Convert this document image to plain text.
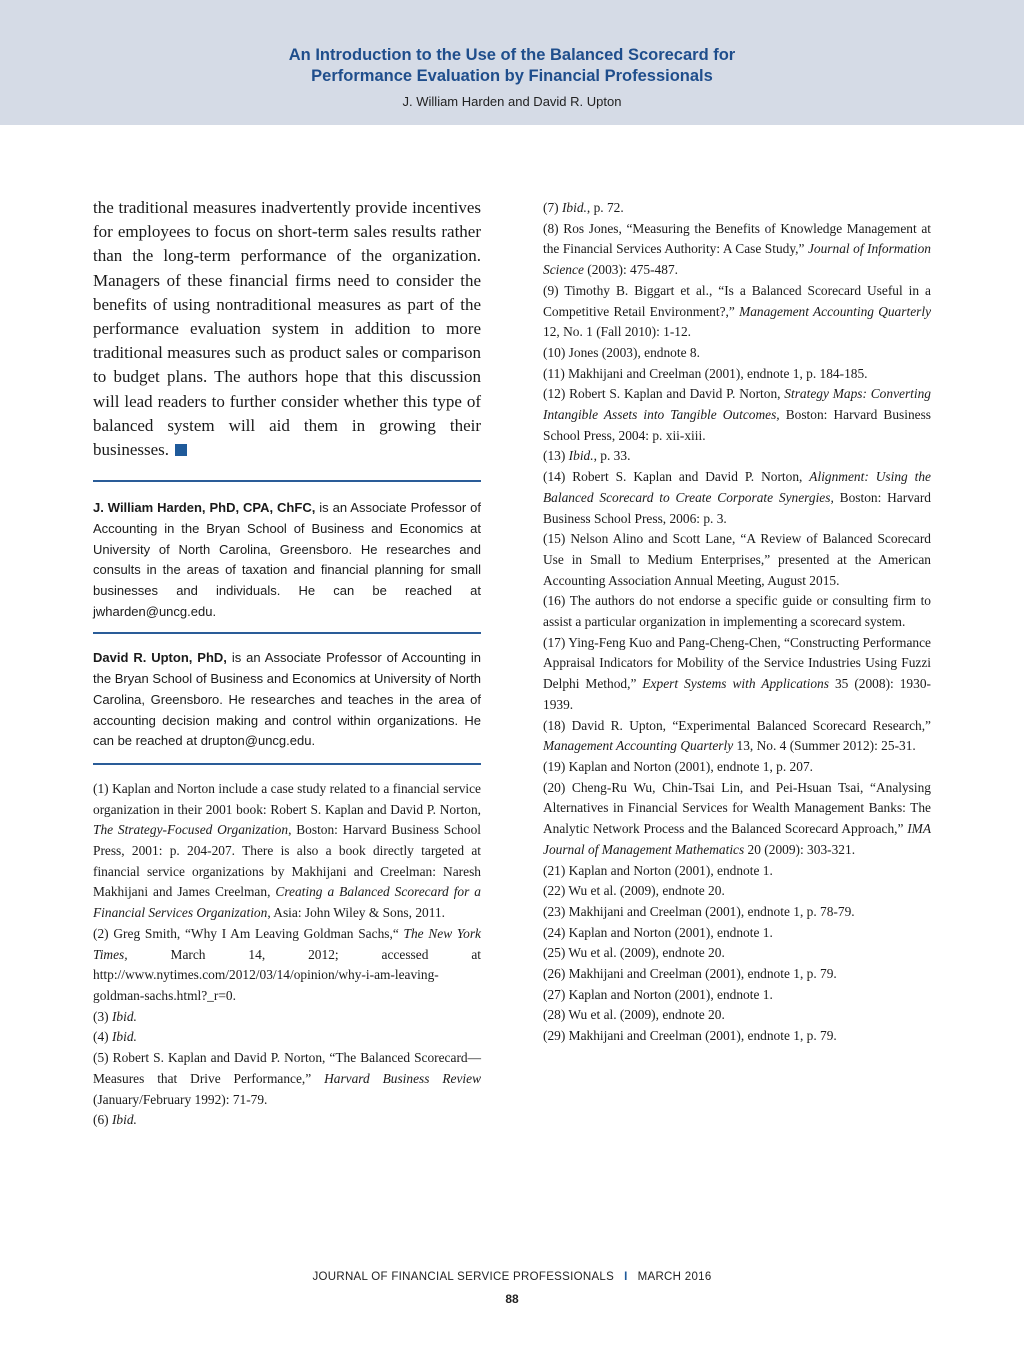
An Introduction to the Use of the Balanced Scorecard for
Performance Evaluation by Financial Professionals
J. William Harden and David R. Upton

the traditional measures inadvertently provide incentives for employees to focus on short-term sales results rather than the long-term performance of the organization. Managers of these financial firms need to consider the benefits of using nontraditional measures as part of the performance evaluation system in addition to more traditional measures such as product sales or comparison to budget plans. The authors hope that this discussion will lead readers to further consider whether this type of balanced system will aid them in growing their businesses.

J. William Harden, PhD, CPA, ChFC, is an Associate Professor of Accounting in the Bryan School of Business and Economics at University of North Carolina, Greensboro. He researches and consults in the areas of taxation and financial planning for small businesses and individuals. He can be reached at jwharden@uncg.edu.

David R. Upton, PhD, is an Associate Professor of Accounting in the Bryan School of Business and Economics at University of North Carolina, Greensboro. He researches and teaches in the area of accounting decision making and control within organizations. He can be reached at drupton@uncg.edu.

(1) Kaplan and Norton include a case study related to a financial service organization in their 2001 book: Robert S. Kaplan and David P. Norton, The Strategy-Focused Organization, Boston: Harvard Business School Press, 2001: p. 204-207. There is also a book directly targeted at financial service organizations by Makhijani and Creelman: Naresh Makhijani and James Creelman, Creating a Balanced Scorecard for a Financial Services Organization, Asia: John Wiley & Sons, 2011.

(2) Greg Smith, “Why I Am Leaving Goldman Sachs,“ The New York Times, March 14, 2012; accessed at http://www.nytimes.com/2012/03/14/opinion/why-i-am-leaving-goldman-sachs.html?_r=0.

(3) Ibid.

(4) Ibid.

(5) Robert S. Kaplan and David P. Norton, “The Balanced Scorecard—Measures that Drive Performance,” Harvard Business Review (January/February 1992): 71-79.

(6) Ibid.

(7) Ibid., p. 72.

(8) Ros Jones, “Measuring the Benefits of Knowledge Management at the Financial Services Authority: A Case Study,” Journal of Information Science (2003): 475-487.

(9) Timothy B. Biggart et al., “Is a Balanced Scorecard Useful in a Competitive Retail Environment?,” Management Accounting Quarterly 12, No. 1 (Fall 2010): 1-12.

(10) Jones (2003), endnote 8.

(11) Makhijani and Creelman (2001), endnote 1, p. 184-185.

(12) Robert S. Kaplan and David P. Norton, Strategy Maps: Converting Intangible Assets into Tangible Outcomes, Boston: Harvard Business School Press, 2004: p. xii-xiii.

(13) Ibid., p. 33.

(14) Robert S. Kaplan and David P. Norton, Alignment: Using the Balanced Scorecard to Create Corporate Synergies, Boston: Harvard Business School Press, 2006: p. 3.

(15) Nelson Alino and Scott Lane, “A Review of Balanced Scorecard Use in Small to Medium Enterprises,” presented at the American Accounting Association Annual Meeting, August 2015.

(16) The authors do not endorse a specific guide or consulting firm to assist a particular organization in implementing a scorecard system.

(17) Ying-Feng Kuo and Pang-Cheng-Chen, “Constructing Performance Appraisal Indicators for Mobility of the Service Industries Using Fuzzi Delphi Method,” Expert Systems with Applications 35 (2008): 1930-1939.

(18) David R. Upton, “Experimental Balanced Scorecard Research,” Management Accounting Quarterly 13, No. 4 (Summer 2012): 25-31.

(19) Kaplan and Norton (2001), endnote 1, p. 207.

(20) Cheng-Ru Wu, Chin-Tsai Lin, and Pei-Hsuan Tsai, “Analysing Alternatives in Financial Services for Wealth Management Banks: The Analytic Network Process and the Balanced Scorecard Approach,” IMA Journal of Management Mathematics 20 (2009): 303-321.

(21) Kaplan and Norton (2001), endnote 1.

(22) Wu et al. (2009), endnote 20.

(23) Makhijani and Creelman (2001), endnote 1, p. 78-79.

(24) Kaplan and Norton (2001), endnote 1.

(25) Wu et al. (2009), endnote 20.

(26) Makhijani and Creelman (2001), endnote 1, p. 79.

(27) Kaplan and Norton (2001), endnote 1.

(28) Wu et al. (2009), endnote 20.

(29) Makhijani and Creelman (2001), endnote 1, p. 79.

JOURNAL OF FINANCIAL SERVICE PROFESSIONALS I MARCH 2016
88
